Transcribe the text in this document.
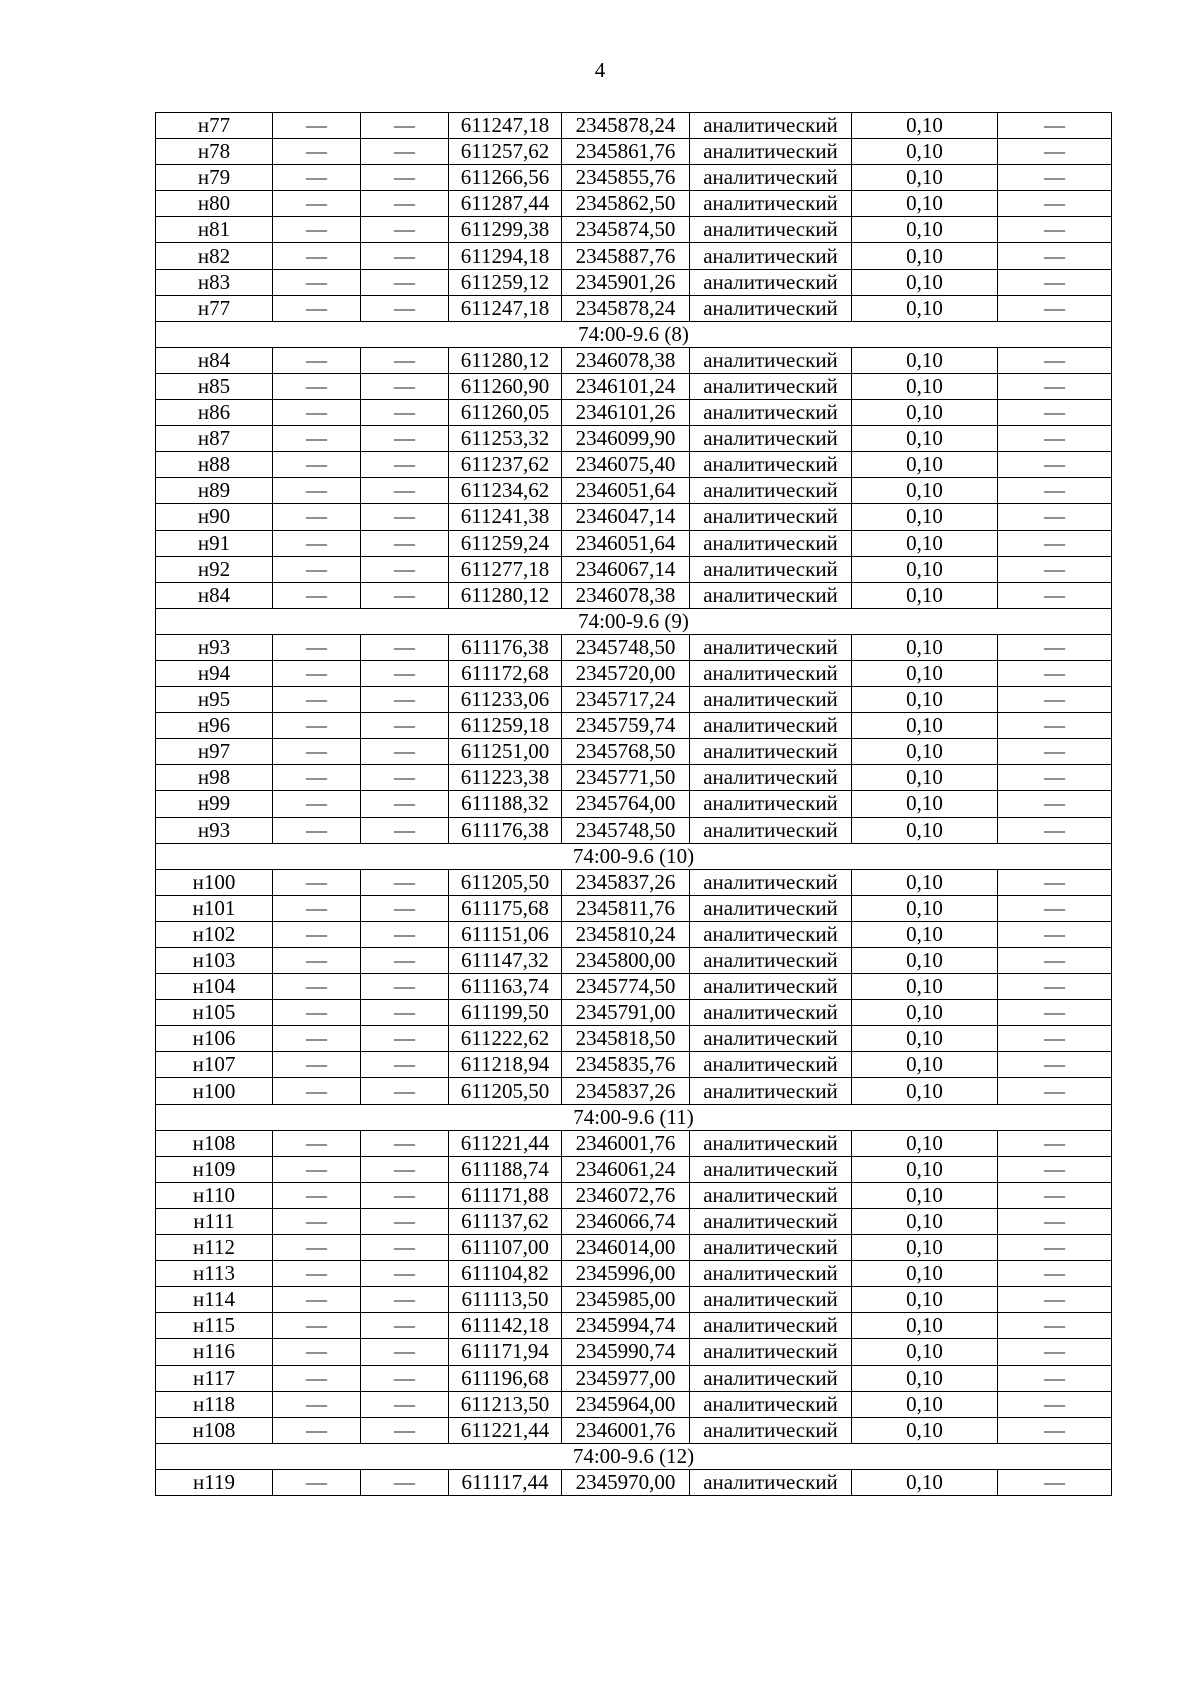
4
н77	—	—	611247,18	2345878,24	аналитический	0,10	—
н78	—	—	611257,62	2345861,76	аналитический	0,10	—
н79	—	—	611266,56	2345855,76	аналитический	0,10	—
н80	—	—	611287,44	2345862,50	аналитический	0,10	—
н81	—	—	611299,38	2345874,50	аналитический	0,10	—
н82	—	—	611294,18	2345887,76	аналитический	0,10	—
н83	—	—	611259,12	2345901,26	аналитический	0,10	—
н77	—	—	611247,18	2345878,24	аналитический	0,10	—
74:00-9.6 (8)							
н84	—	—	611280,12	2346078,38	аналитический	0,10	—
н85	—	—	611260,90	2346101,24	аналитический	0,10	—
н86	—	—	611260,05	2346101,26	аналитический	0,10	—
н87	—	—	611253,32	2346099,90	аналитический	0,10	—
н88	—	—	611237,62	2346075,40	аналитический	0,10	—
н89	—	—	611234,62	2346051,64	аналитический	0,10	—
н90	—	—	611241,38	2346047,14	аналитический	0,10	—
н91	—	—	611259,24	2346051,64	аналитический	0,10	—
н92	—	—	611277,18	2346067,14	аналитический	0,10	—
н84	—	—	611280,12	2346078,38	аналитический	0,10	—
74:00-9.6 (9)							
н93	—	—	611176,38	2345748,50	аналитический	0,10	—
н94	—	—	611172,68	2345720,00	аналитический	0,10	—
н95	—	—	611233,06	2345717,24	аналитический	0,10	—
н96	—	—	611259,18	2345759,74	аналитический	0,10	—
н97	—	—	611251,00	2345768,50	аналитический	0,10	—
н98	—	—	611223,38	2345771,50	аналитический	0,10	—
н99	—	—	611188,32	2345764,00	аналитический	0,10	—
н93	—	—	611176,38	2345748,50	аналитический	0,10	—
74:00-9.6 (10)							
н100	—	—	611205,50	2345837,26	аналитический	0,10	—
н101	—	—	611175,68	2345811,76	аналитический	0,10	—
н102	—	—	611151,06	2345810,24	аналитический	0,10	—
н103	—	—	611147,32	2345800,00	аналитический	0,10	—
н104	—	—	611163,74	2345774,50	аналитический	0,10	—
н105	—	—	611199,50	2345791,00	аналитический	0,10	—
н106	—	—	611222,62	2345818,50	аналитический	0,10	—
н107	—	—	611218,94	2345835,76	аналитический	0,10	—
н100	—	—	611205,50	2345837,26	аналитический	0,10	—
74:00-9.6 (11)							
н108	—	—	611221,44	2346001,76	аналитический	0,10	—
н109	—	—	611188,74	2346061,24	аналитический	0,10	—
н110	—	—	611171,88	2346072,76	аналитический	0,10	—
н111	—	—	611137,62	2346066,74	аналитический	0,10	—
н112	—	—	611107,00	2346014,00	аналитический	0,10	—
н113	—	—	611104,82	2345996,00	аналитический	0,10	—
н114	—	—	611113,50	2345985,00	аналитический	0,10	—
н115	—	—	611142,18	2345994,74	аналитический	0,10	—
н116	—	—	611171,94	2345990,74	аналитический	0,10	—
н117	—	—	611196,68	2345977,00	аналитический	0,10	—
н118	—	—	611213,50	2345964,00	аналитический	0,10	—
н108	—	—	611221,44	2346001,76	аналитический	0,10	—
74:00-9.6 (12)							
н119	—	—	611117,44	2345970,00	аналитический	0,10	—
